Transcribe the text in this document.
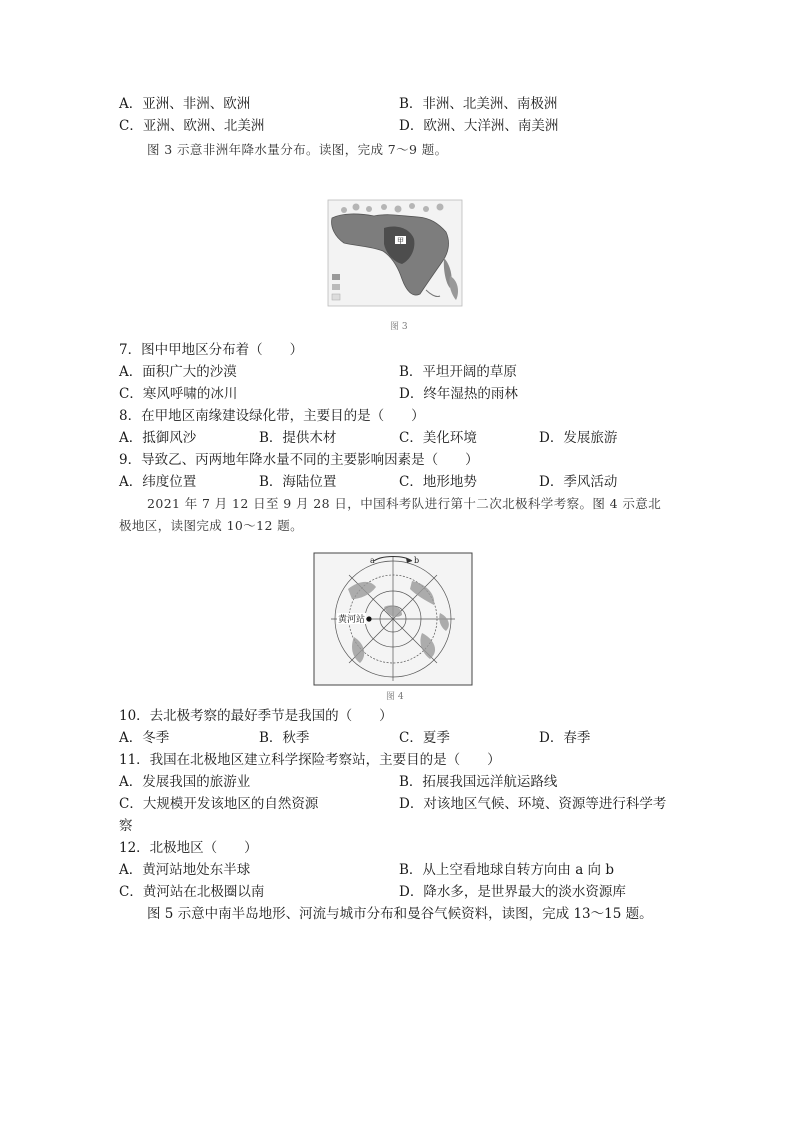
A．亚洲、非洲、欧洲	B．非洲、北美洲、南极洲
C．亚洲、欧洲、北美洲	D．欧洲、大洋洲、南美洲
图 3 示意非洲年降水量分布。读图，完成 7～9 题。
甲
图 3
7．图中甲地区分布着（　　）
A．面积广大的沙漠	B．平坦开阔的草原
C．寒风呼啸的冰川	D．终年湿热的雨林
8．在甲地区南缘建设绿化带，主要目的是（　　）
A．抵御风沙	B．提供木材	C．美化环境	D．发展旅游
9．导致乙、丙两地年降水量不同的主要影响因素是（　　）
A．纬度位置	B．海陆位置	C．地形地势	D．季风活动
2021 年 7 月 12 日至 9 月 28 日，中国科考队进行第十二次北极科学考察。图 4 示意北
极地区，读图完成 10～12 题。
a	b
黄河站
图 4
10．去北极考察的最好季节是我国的（　　）
A．冬季	B．秋季	C．夏季	D．春季
11．我国在北极地区建立科学探险考察站，主要目的是（　　）
A．发展我国的旅游业	B．拓展我国远洋航运路线
C．大规模开发该地区的自然资源	D．对该地区气候、环境、资源等进行科学考
察
12．北极地区（　　）
A．黄河站地处东半球	B．从上空看地球自转方向由 a 向 b
C．黄河站在北极圈以南	D．降水多，是世界最大的淡水资源库
图 5 示意中南半岛地形、河流与城市分布和曼谷气候资料，读图，完成 13～15 题。
